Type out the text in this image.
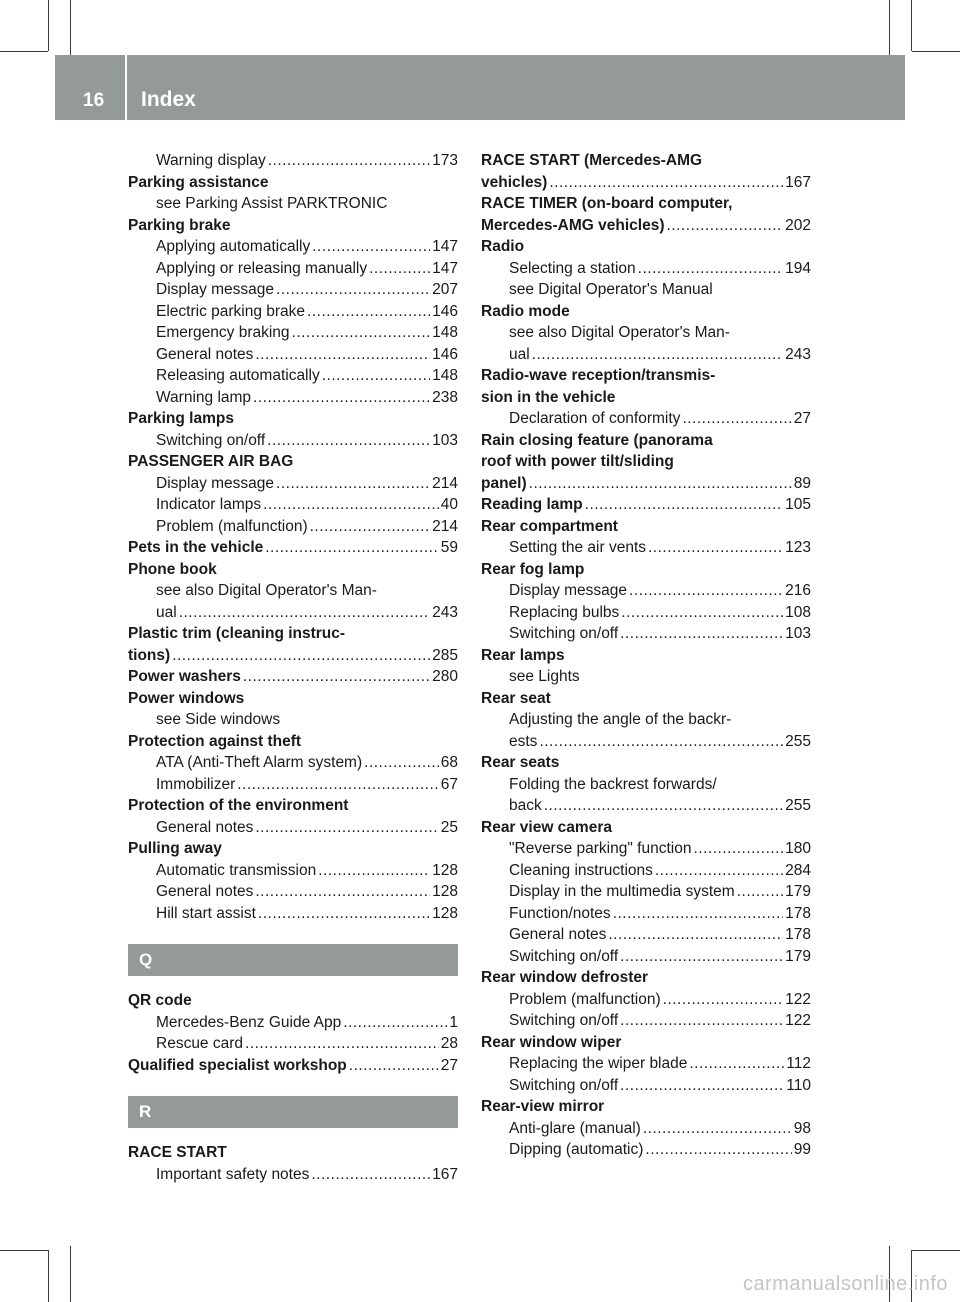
16 Index
Warning display .....	173
Parking assistance
see Parking Assist PARKTRONIC
Parking brake
Applying automatically .....	147
Applying or releasing manually .....	147
Display message .....	207
Electric parking brake .....	146
Emergency braking .....	148
General notes .....	146
Releasing automatically .....	148
Warning lamp .....	238
Parking lamps
Switching on/off .....	103
PASSENGER AIR BAG
Display message .....	214
Indicator lamps .....	40
Problem (malfunction) .....	214
Pets in the vehicle .....	59
Phone book
see also Digital Operator's Man-
ual .....	243
Plastic trim (cleaning instruc-
tions) .....	285
Power washers .....	280
Power windows
see Side windows
Protection against theft
ATA (Anti-Theft Alarm system) .....	68
Immobilizer .....	67
Protection of the environment
General notes .....	25
Pulling away
Automatic transmission .....	128
General notes .....	128
Hill start assist .....	128
Q
QR code
Mercedes-Benz Guide App .....	1
Rescue card .....	28
Qualified specialist workshop .....	27
R
RACE START
Important safety notes .....	167
RACE START (Mercedes-AMG
vehicles) .....	167
RACE TIMER (on-board computer,
Mercedes-AMG vehicles) .....	202
Radio
Selecting a station .....	194
see Digital Operator's Manual
Radio mode
see also Digital Operator's Man-
ual .....	243
Radio-wave reception/transmis-
sion in the vehicle
Declaration of conformity .....	27
Rain closing feature (panorama
roof with power tilt/sliding
panel) .....	89
Reading lamp .....	105
Rear compartment
Setting the air vents .....	123
Rear fog lamp
Display message .....	216
Replacing bulbs .....	108
Switching on/off .....	103
Rear lamps
see Lights
Rear seat
Adjusting the angle of the backr-
ests .....	255
Rear seats
Folding the backrest forwards/
back .....	255
Rear view camera
"Reverse parking" function .....	180
Cleaning instructions .....	284
Display in the multimedia system .....	179
Function/notes .....	178
General notes .....	178
Switching on/off .....	179
Rear window defroster
Problem (malfunction) .....	122
Switching on/off .....	122
Rear window wiper
Replacing the wiper blade .....	112
Switching on/off .....	110
Rear-view mirror
Anti-glare (manual) .....	98
Dipping (automatic) .....	99
carmanualsonline.info
